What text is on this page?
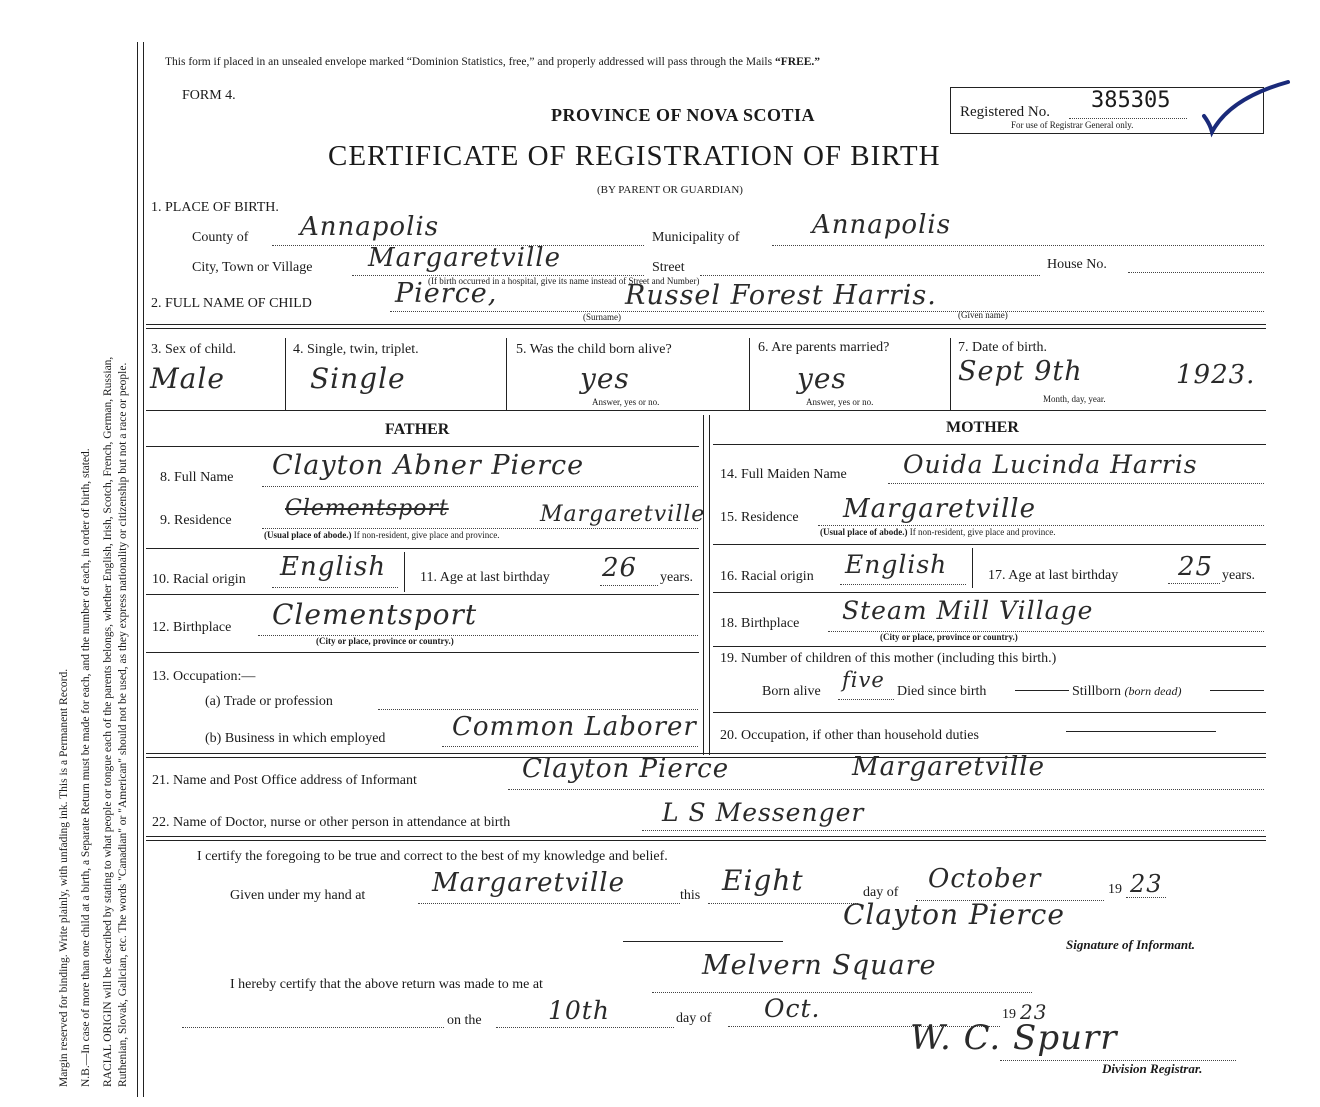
Margin reserved for binding. Write plainly, with unfading ink. This is a Permanent Record. N.B.—In case of more than one child at a birth, a Separate Return must be made for each, and the number of each, in order of birth, stated. RACIAL ORIGIN will be described by stating to what people or tongue each of the parents belongs, whether English, Irish, Scotch, French, German, Russian, Ruthenian, Slovak, Galician, etc. The words "Canadian" or "American" should not be used, as they express nationality or citizenship but not a race or people.
This form if placed in an unsealed envelope marked “Dominion Statistics, free,” and properly addressed will pass through the Mails “FREE.”
FORM 4.
PROVINCE OF NOVA SCOTIA
CERTIFICATE OF REGISTRATION OF BIRTH
(BY PARENT OR GUARDIAN)
Registered No. 385305
For use of Registrar General only.
1. PLACE OF BIRTH.
County of Annapolis	Municipality of	Annapolis
City, Town or Village Margaretville	Street
(If birth occurred in a hospital, give its name instead of Street and Number)
House No.
2. FULL NAME OF CHILD	Pierce,
(Surname)
Russel Forest Harris.
(Given name)
3. Sex of child.
Male
4. Single, twin, triplet.
Single
5. Was the child born alive?
yes
Answer, yes or no.
6. Are parents married?
yes
Answer, yes or no.
7. Date of birth.
Sept 9th	1923.
Month, day, year.
FATHER
8. Full Name Clayton Abner Pierce
9. Residence Clementsport	Margaretville
(Usual place of abode.) If non-resident, give place and province.
10. Racial origin English 11. Age at last birthday 26 years.
12. Birthplace Clementsport
(City or place, province or country.)
13. Occupation:—
(a) Trade or profession
(b) Business in which employed	Common Laborer
MOTHER
14. Full Maiden Name Ouida Lucinda Harris
15. Residence Margaretville
(Usual place of abode.) If non-resident, give place and province.
16. Racial origin English	17. Age at last birthday 25 years.
18. Birthplace Steam Mill Village
(City or place, province or country.)
19. Number of children of this mother (including this birth.)
Born alive five Died since birth	Stillborn (born dead)
20. Occupation, if other than household duties
21. Name and Post Office address of Informant	Clayton Pierce	Margaretville
22. Name of Doctor, nurse or other person in attendance at birth	L S Messenger
I certify the foregoing to be true and correct to the best of my knowledge and belief.
Given under my hand at	Margaretville	this Eight	day of October	19 23
Clayton Pierce
Signature of Informant.
I hereby certify that the above return was made to me at
Melvern Square
on the	10th	day of Oct.	19 23
W. C. Spurr
Division Registrar.
